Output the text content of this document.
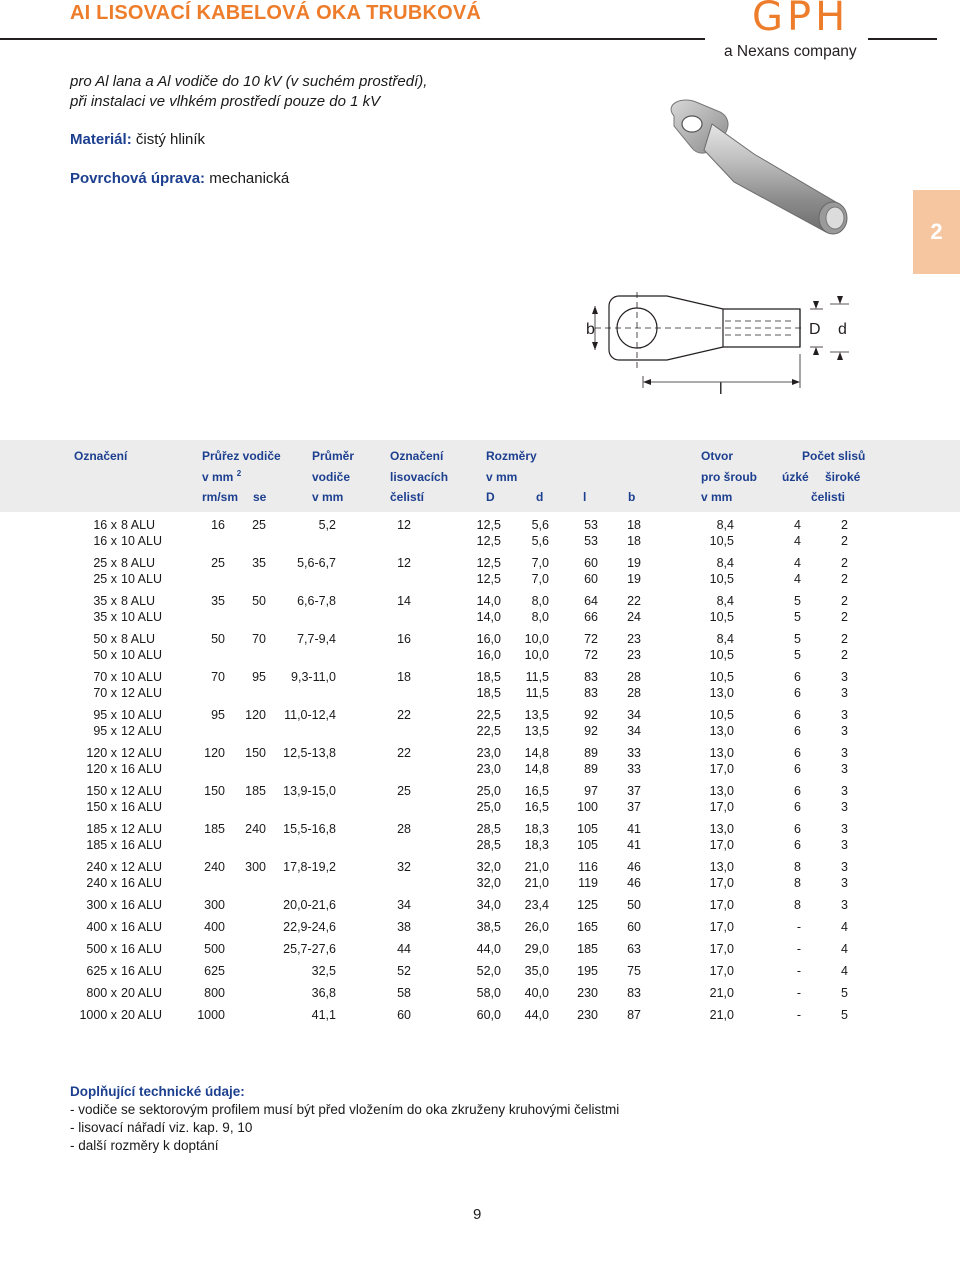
AI LISOVACÍ KABELOVÁ OKA TRUBKOVÁ	GPH
a Nexans company
pro Al lana a Al vodiče do 10 kV (v suchém prostředí),
při instalaci ve vlhkém prostředí pouze do 1 kV
Materiál: čistý hliník
Povrchová úprava: mechanická
2
b	D d
l
Označení	Průřez vodiče
v mm $^2$
rm/sm se
Průměr
vodiče
v mm
Označení
lisovacích
čelistí
Rozměry
v mm
D	d	l	b
Otvor
pro šroub
v mm
Počet slisů
úzké široké
čelisti
16 x 8 ALU	16 25	5,2	12	12,5 5,6	53 18	8,4	4	2
16 x 10 ALU	12,5 5,6	53 18	10,5	4	2
25 x 8 ALU	25 35 5,6-6,7	12	12,5 7,0	60 19	8,4	4	2
25 x 10 ALU	12,5 7,0	60 19	10,5	4	2
35 x 8 ALU	35 50 6,6-7,8	14	14,0 8,0	64 22	8,4	5	2
35 x 10 ALU	14,0 8,0	66 24	10,5	5	2
50 x 8 ALU	50 70 7,7-9,4	16	16,0 10,0	72 23	8,4	5	2
50 x 10 ALU	16,0 10,0	72 23	10,5	5	2
70 x 10 ALU	70 95 9,3-11,0	18	18,5 11,5	83 28	10,5	6	3
70 x 12 ALU	18,5 11,5	83 28	13,0	6	3
95 x 10 ALU	95 120 11,0-12,4	22	22,5 13,5	92 34	10,5	6	3
95 x 12 ALU	22,5 13,5	92 34	13,0	6	3
120 x 12 ALU	120 150 12,5-13,8	22	23,0 14,8	89 33	13,0	6	3
120 x 16 ALU	23,0 14,8	89 33	17,0	6	3
150 x 12 ALU	150 185 13,9-15,0	25	25,0 16,5	97 37	13,0	6	3
150 x 16 ALU	25,0 16,5 100 37	17,0	6	3
185 x 12 ALU	185 240 15,5-16,8	28	28,5 18,3 105 41	13,0	6	3
185 x 16 ALU	28,5 18,3 105 41	17,0	6	3
240 x 12 ALU	240 300 17,8-19,2	32	32,0 21,0 116 46	13,0	8	3
240 x 16 ALU	32,0 21,0 119 46	17,0	8	3
300 x 16 ALU	300	20,0-21,6	34	34,0 23,4 125 50	17,0	8	3
400 x 16 ALU	400	22,9-24,6	38	38,5 26,0 165 60	17,0	-	4
500 x 16 ALU	500	25,7-27,6	44	44,0 29,0 185 63	17,0	-	4
625 x 16 ALU	625	32,5	52	52,0 35,0 195 75	17,0	-	4
800 x 20 ALU	800	36,8	58	58,0 40,0 230 83	21,0	-	5
1000 x 20 ALU	1000	41,1	60	60,0 44,0 230 87	21,0	-	5
Doplňující technické údaje:
- vodiče se sektorovým profilem musí být před vložením do oka zkruženy kruhovými čelistmi
- lisovací nářadí viz. kap. 9, 10
- další rozměry k doptání
9
